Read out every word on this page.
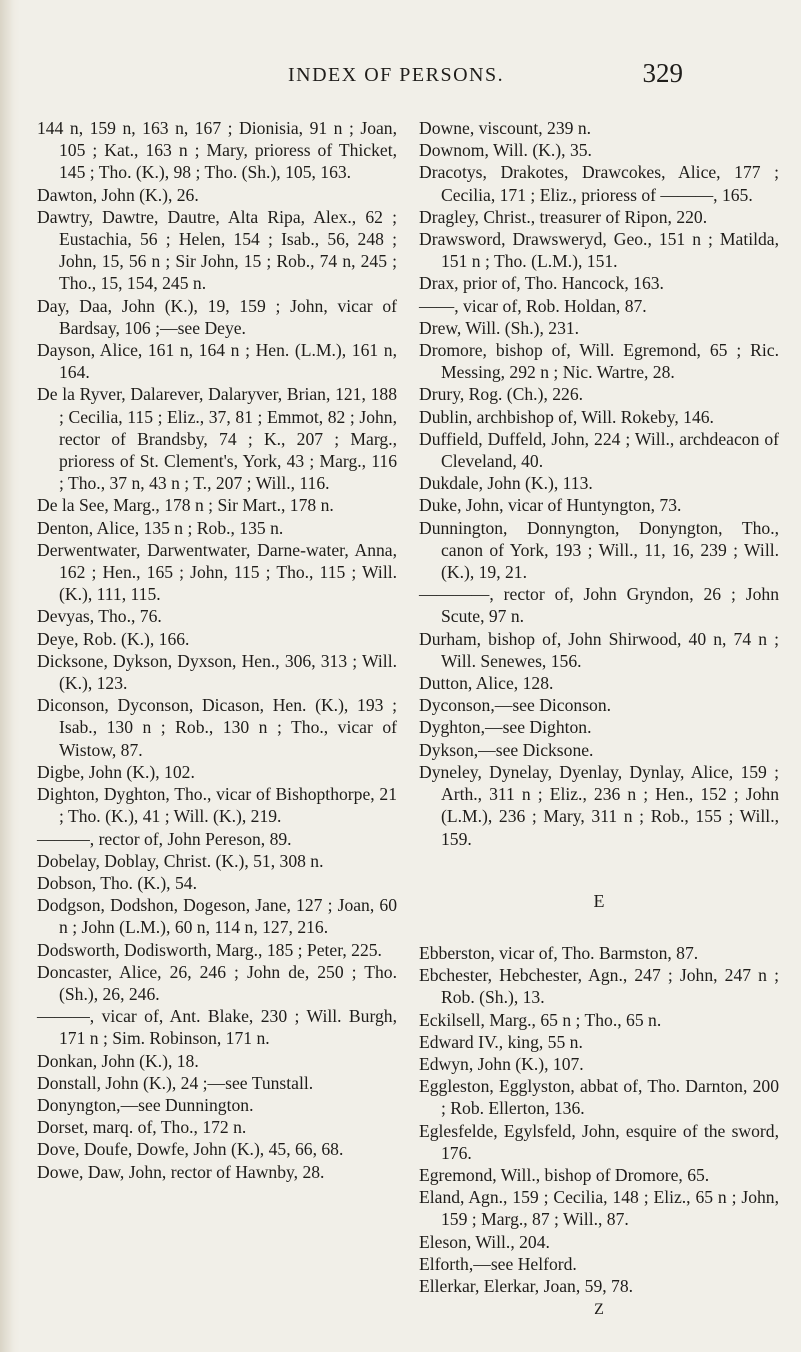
INDEX OF PERSONS.	329

144 n, 159 n, 163 n, 167 ; Dionisia, 91 n ; Joan, 105 ; Kat., 163 n ; Mary, prioress of Thicket, 145 ; Tho. (K.), 98 ; Tho. (Sh.), 105, 163.

Dawton, John (K.), 26.

Dawtry, Dawtre, Dautre, Alta Ripa, Alex., 62 ; Eustachia, 56 ; Helen, 154 ; Isab., 56, 248 ; John, 15, 56 n ; Sir John, 15 ; Rob., 74 n, 245 ; Tho., 15, 154, 245 n.

Day, Daa, John (K.), 19, 159 ; John, vicar of Bardsay, 106 ;—see Deye.

Dayson, Alice, 161 n, 164 n ; Hen. (L.M.), 161 n, 164.

De la Ryver, Dalarever, Dalaryver, Brian, 121, 188 ; Cecilia, 115 ; Eliz., 37, 81 ; Emmot, 82 ; John, rector of Brandsby, 74 ; K., 207 ; Marg., prioress of St. Clement's, York, 43 ; Marg., 116 ; Tho., 37 n, 43 n ; T., 207 ; Will., 116.

De la See, Marg., 178 n ; Sir Mart., 178 n.

Denton, Alice, 135 n ; Rob., 135 n.

Derwentwater, Darwentwater, Darne-water, Anna, 162 ; Hen., 165 ; John, 115 ; Tho., 115 ; Will. (K.), 111, 115.

Devyas, Tho., 76.

Deye, Rob. (K.), 166.

Dicksone, Dykson, Dyxson, Hen., 306, 313 ; Will. (K.), 123.

Diconson, Dyconson, Dicason, Hen. (K.), 193 ; Isab., 130 n ; Rob., 130 n ; Tho., vicar of Wistow, 87.

Digbe, John (K.), 102.

Dighton, Dyghton, Tho., vicar of Bishopthorpe, 21 ; Tho. (K.), 41 ; Will. (K.), 219.

———, rector of, John Pereson, 89.

Dobelay, Doblay, Christ. (K.), 51, 308 n.

Dobson, Tho. (K.), 54.

Dodgson, Dodshon, Dogeson, Jane, 127 ; Joan, 60 n ; John (L.M.), 60 n, 114 n, 127, 216.

Dodsworth, Dodisworth, Marg., 185 ; Peter, 225.

Doncaster, Alice, 26, 246 ; John de, 250 ; Tho. (Sh.), 26, 246.

———, vicar of, Ant. Blake, 230 ; Will. Burgh, 171 n ; Sim. Robinson, 171 n.

Donkan, John (K.), 18.

Donstall, John (K.), 24 ;—see Tunstall.

Donyngton,—see Dunnington.

Dorset, marq. of, Tho., 172 n.

Dove, Doufe, Dowfe, John (K.), 45, 66, 68.

Dowe, Daw, John, rector of Hawnby, 28.

Downe, viscount, 239 n.

Downom, Will. (K.), 35.

Dracotys, Drakotes, Drawcokes, Alice, 177 ; Cecilia, 171 ; Eliz., prioress of ———, 165.

Dragley, Christ., treasurer of Ripon, 220.

Drawsword, Drawsweryd, Geo., 151 n ; Matilda, 151 n ; Tho. (L.M.), 151.

Drax, prior of, Tho. Hancock, 163.

——, vicar of, Rob. Holdan, 87.

Drew, Will. (Sh.), 231.

Dromore, bishop of, Will. Egremond, 65 ; Ric. Messing, 292 n ; Nic. Wartre, 28.

Drury, Rog. (Ch.), 226.

Dublin, archbishop of, Will. Rokeby, 146.

Duffield, Duffeld, John, 224 ; Will., archdeacon of Cleveland, 40.

Dukdale, John (K.), 113.

Duke, John, vicar of Huntyngton, 73.

Dunnington, Donnyngton, Donyngton, Tho., canon of York, 193 ; Will., 11, 16, 239 ; Will. (K.), 19, 21.

————, rector of, John Gryndon, 26 ; John Scute, 97 n.

Durham, bishop of, John Shirwood, 40 n, 74 n ; Will. Senewes, 156.

Dutton, Alice, 128.

Dyconson,—see Diconson.

Dyghton,—see Dighton.

Dykson,—see Dicksone.

Dyneley, Dynelay, Dyenlay, Dynlay, Alice, 159 ; Arth., 311 n ; Eliz., 236 n ; Hen., 152 ; John (L.M.), 236 ; Mary, 311 n ; Rob., 155 ; Will., 159.

E

Ebberston, vicar of, Tho. Barmston, 87.

Ebchester, Hebchester, Agn., 247 ; John, 247 n ; Rob. (Sh.), 13.

Eckilsell, Marg., 65 n ; Tho., 65 n.

Edward IV., king, 55 n.

Edwyn, John (K.), 107.

Eggleston, Egglyston, abbat of, Tho. Darnton, 200 ; Rob. Ellerton, 136.

Eglesfelde, Egylsfeld, John, esquire of the sword, 176.

Egremond, Will., bishop of Dromore, 65.

Eland, Agn., 159 ; Cecilia, 148 ; Eliz., 65 n ; John, 159 ; Marg., 87 ; Will., 87.

Eleson, Will., 204.

Elforth,—see Helford.

Ellerkar, Elerkar, Joan, 59, 78.

Z
